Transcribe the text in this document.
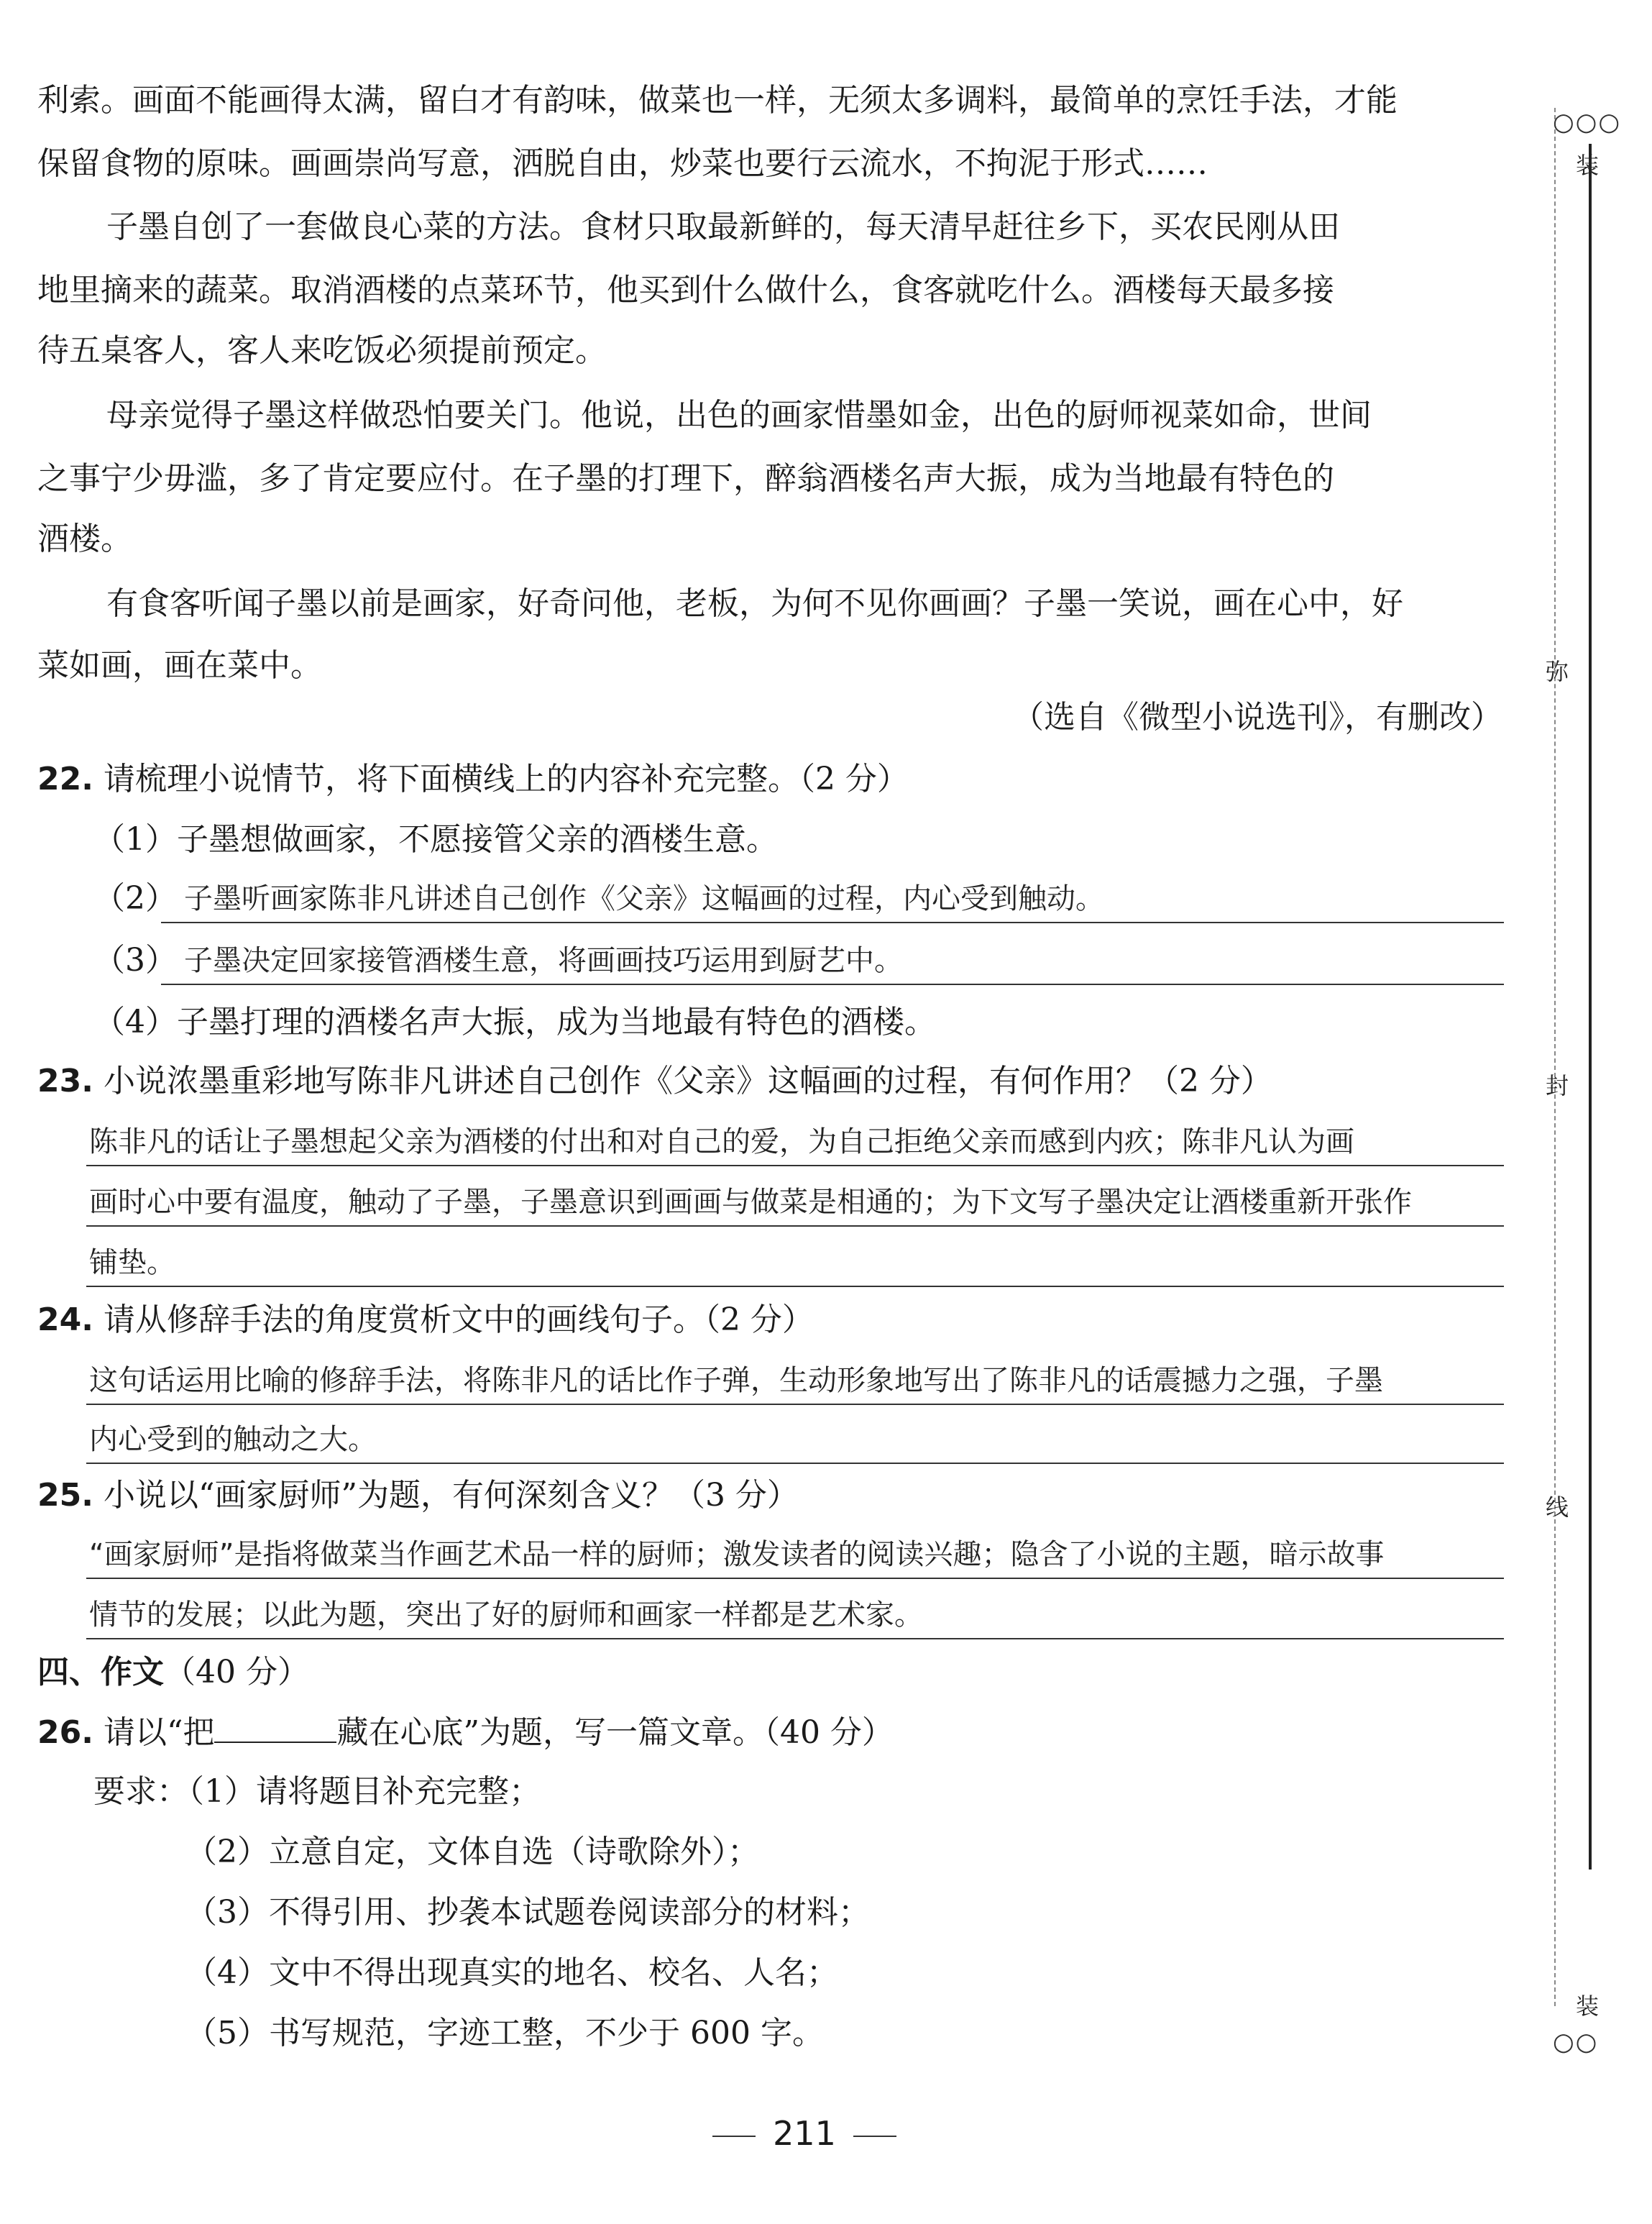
利索。画面不能画得太满，留白才有韵味，做菜也一样，无须太多调料，最简单的烹饪手法，才能
保留食物的原味。画画崇尚写意，洒脱自由，炒菜也要行云流水，不拘泥于形式……
子墨自创了一套做良心菜的方法。食材只取最新鲜的，每天清早赶往乡下，买农民刚从田
地里摘来的蔬菜。取消酒楼的点菜环节，他买到什么做什么，食客就吃什么。酒楼每天最多接
待五桌客人，客人来吃饭必须提前预定。
母亲觉得子墨这样做恐怕要关门。他说，出色的画家惜墨如金，出色的厨师视菜如命，世间
之事宁少毋滥，多了肯定要应付。在子墨的打理下，醉翁酒楼名声大振，成为当地最有特色的
酒楼。
有食客听闻子墨以前是画家，好奇问他，老板，为何不见你画画？子墨一笑说，画在心中，好
菜如画，画在菜中。
（选自《微型小说选刊》，有删改）
22. 请梳理小说情节，将下面横线上的内容补充完整。（2 分）
（1）子墨想做画家，不愿接管父亲的酒楼生意。
（2） 子墨听画家陈非凡讲述自己创作《父亲》这幅画的过程，内心受到触动。
（3） 子墨决定回家接管酒楼生意，将画画技巧运用到厨艺中。
（4）子墨打理的酒楼名声大振，成为当地最有特色的酒楼。
23. 小说浓墨重彩地写陈非凡讲述自己创作《父亲》这幅画的过程，有何作用？（2 分）
陈非凡的话让子墨想起父亲为酒楼的付出和对自己的爱，为自己拒绝父亲而感到内疚；陈非凡认为画
画时心中要有温度，触动了子墨，子墨意识到画画与做菜是相通的；为下文写子墨决定让酒楼重新开张作
铺垫。
24. 请从修辞手法的角度赏析文中的画线句子。（2 分）
这句话运用比喻的修辞手法，将陈非凡的话比作子弹，生动形象地写出了陈非凡的话震撼力之强，子墨
内心受到的触动之大。
25. 小说以“画家厨师”为题，有何深刻含义？（3 分）
“画家厨师”是指将做菜当作画艺术品一样的厨师；激发读者的阅读兴趣；隐含了小说的主题，暗示故事
情节的发展；以此为题，突出了好的厨师和画家一样都是艺术家。
四、作文（40 分）
26. 请以“把	藏在心底”为题，写一篇文章。（40 分）
要求：（1）请将题目补充完整；
（2）立意自定，文体自选（诗歌除外）；
（3）不得引用、抄袭本试题卷阅读部分的材料；
（4）文中不得出现真实的地名、校名、人名；
（5）书写规范，字迹工整，不少于 600 字。
○○○
装
弥
封
线
装
○○
211
